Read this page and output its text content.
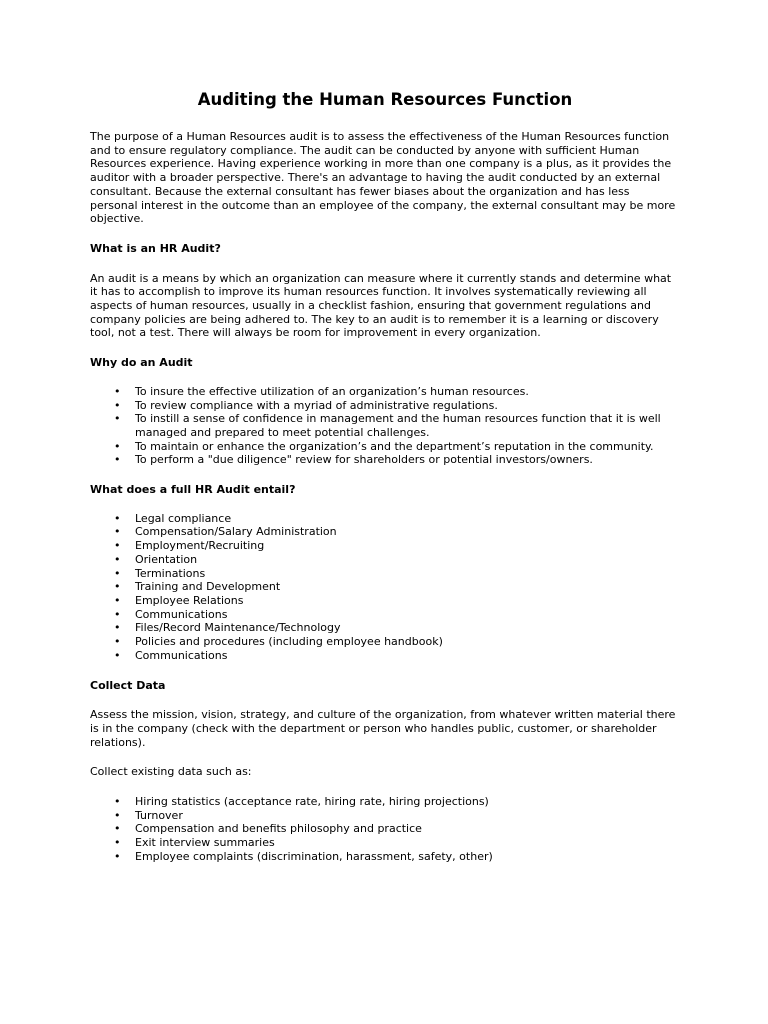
Auditing the Human Resources Function

The purpose of a Human Resources audit is to assess the effectiveness of the Human Resources function and to ensure regulatory compliance. The audit can be conducted by anyone with sufficient Human Resources experience. Having experience working in more than one company is a plus, as it provides the auditor with a broader perspective. There's an advantage to having the audit conducted by an external consultant. Because the external consultant has fewer biases about the organization and has less personal interest in the outcome than an employee of the company, the external consultant may be more objective.

What is an HR Audit?

An audit is a means by which an organization can measure where it currently stands and determine what it has to accomplish to improve its human resources function. It involves systematically reviewing all aspects of human resources, usually in a checklist fashion, ensuring that government regulations and company policies are being adhered to. The key to an audit is to remember it is a learning or discovery tool, not a test. There will always be room for improvement in every organization.

Why do an Audit

• To insure the effective utilization of an organization’s human resources.
• To review compliance with a myriad of administrative regulations.
• To instill a sense of confidence in management and the human resources function that it is well managed and prepared to meet potential challenges.
• To maintain or enhance the organization’s and the department’s reputation in the community.
• To perform a "due diligence" review for shareholders or potential investors/owners.

What does a full HR Audit entail?

• Legal compliance
• Compensation/Salary Administration
• Employment/Recruiting
• Orientation
• Terminations
• Training and Development
• Employee Relations
• Communications
• Files/Record Maintenance/Technology
• Policies and procedures (including employee handbook)
• Communications

Collect Data

Assess the mission, vision, strategy, and culture of the organization, from whatever written material there is in the company (check with the department or person who handles public, customer, or shareholder relations).

Collect existing data such as:

• Hiring statistics (acceptance rate, hiring rate, hiring projections)
• Turnover
• Compensation and benefits philosophy and practice
• Exit interview summaries
• Employee complaints (discrimination, harassment, safety, other)
